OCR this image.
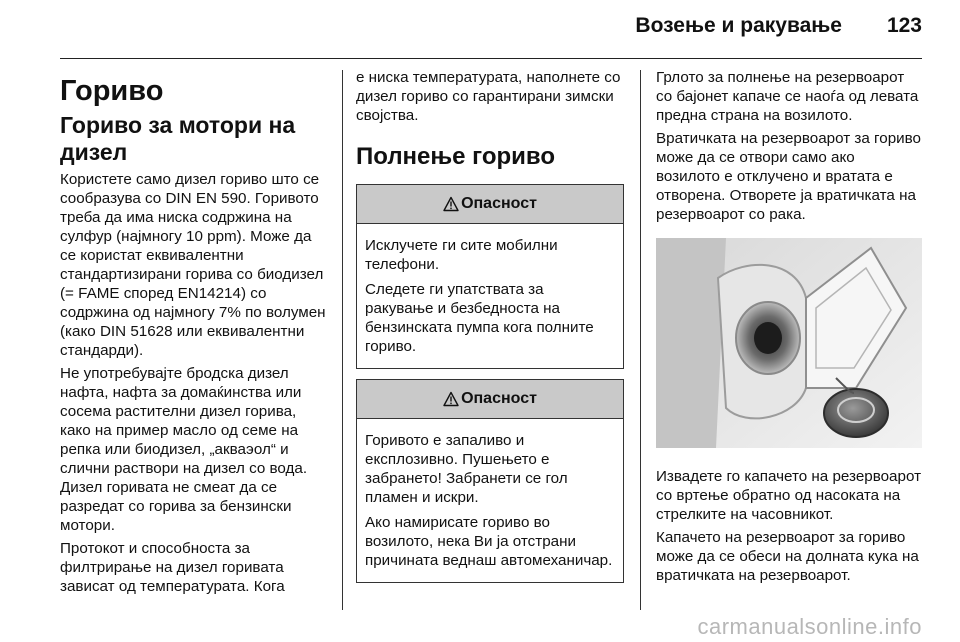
Возење и ракување 123
Гориво
Гориво за мотори на дизел

Користете само дизел гориво што се сообразува со DIN EN 590. Горивото треба да има ниска содржина на сулфур (најмногу 10 ppm). Може да се користат еквивалентни стандартизирани горива со биодизел (= FAME според EN14214) со содржина од најмногу 7% по волумен (како DIN 51628 или еквивалентни стандарди).

Не употребувајте бродска дизел нафта, нафта за домаќинства или сосема растителни дизел горива, како на пример масло од семе на репка или биодизел, „акваэол“ и слични раствори на дизел со вода. Дизел горивата не смеат да се разредат со горива за бензински мотори.

Протокот и способноста за филтрирање на дизел горивата зависат од температурата. Кога

е ниска температурата, наполнете со дизел гориво со гарантирани зимски својства.

Полнење гориво
Опасност

Исклучете ги сите мобилни телефони.

Следете ги упатствата за ракување и безбедноста на бензинската пумпа кога полните гориво.

Опасност

Горивото е запаливо и експлозивно. Пушењето е забрането! Забранети се гол пламен и искри.

Ако намирисате гориво во возилото, нека Ви ја отстрани причината веднаш автомеханичар.

Грлото за полнење на резервоарот со бајонет капаче се наоѓа од левата предна страна на возилото.

Вратичката на резервоарот за гориво може да се отвори само ако возилото е отклучено и вратата е отворена. Отворете ја вратичката на резервоарот со рака.

Извадете го капачето на резервоарот со вртење обратно од насоката на стрелките на часовникот.

Капачето на резервоарот за гориво може да се обеси на долната кука на вратичката на резервоарот.

carmanualsonline.info
